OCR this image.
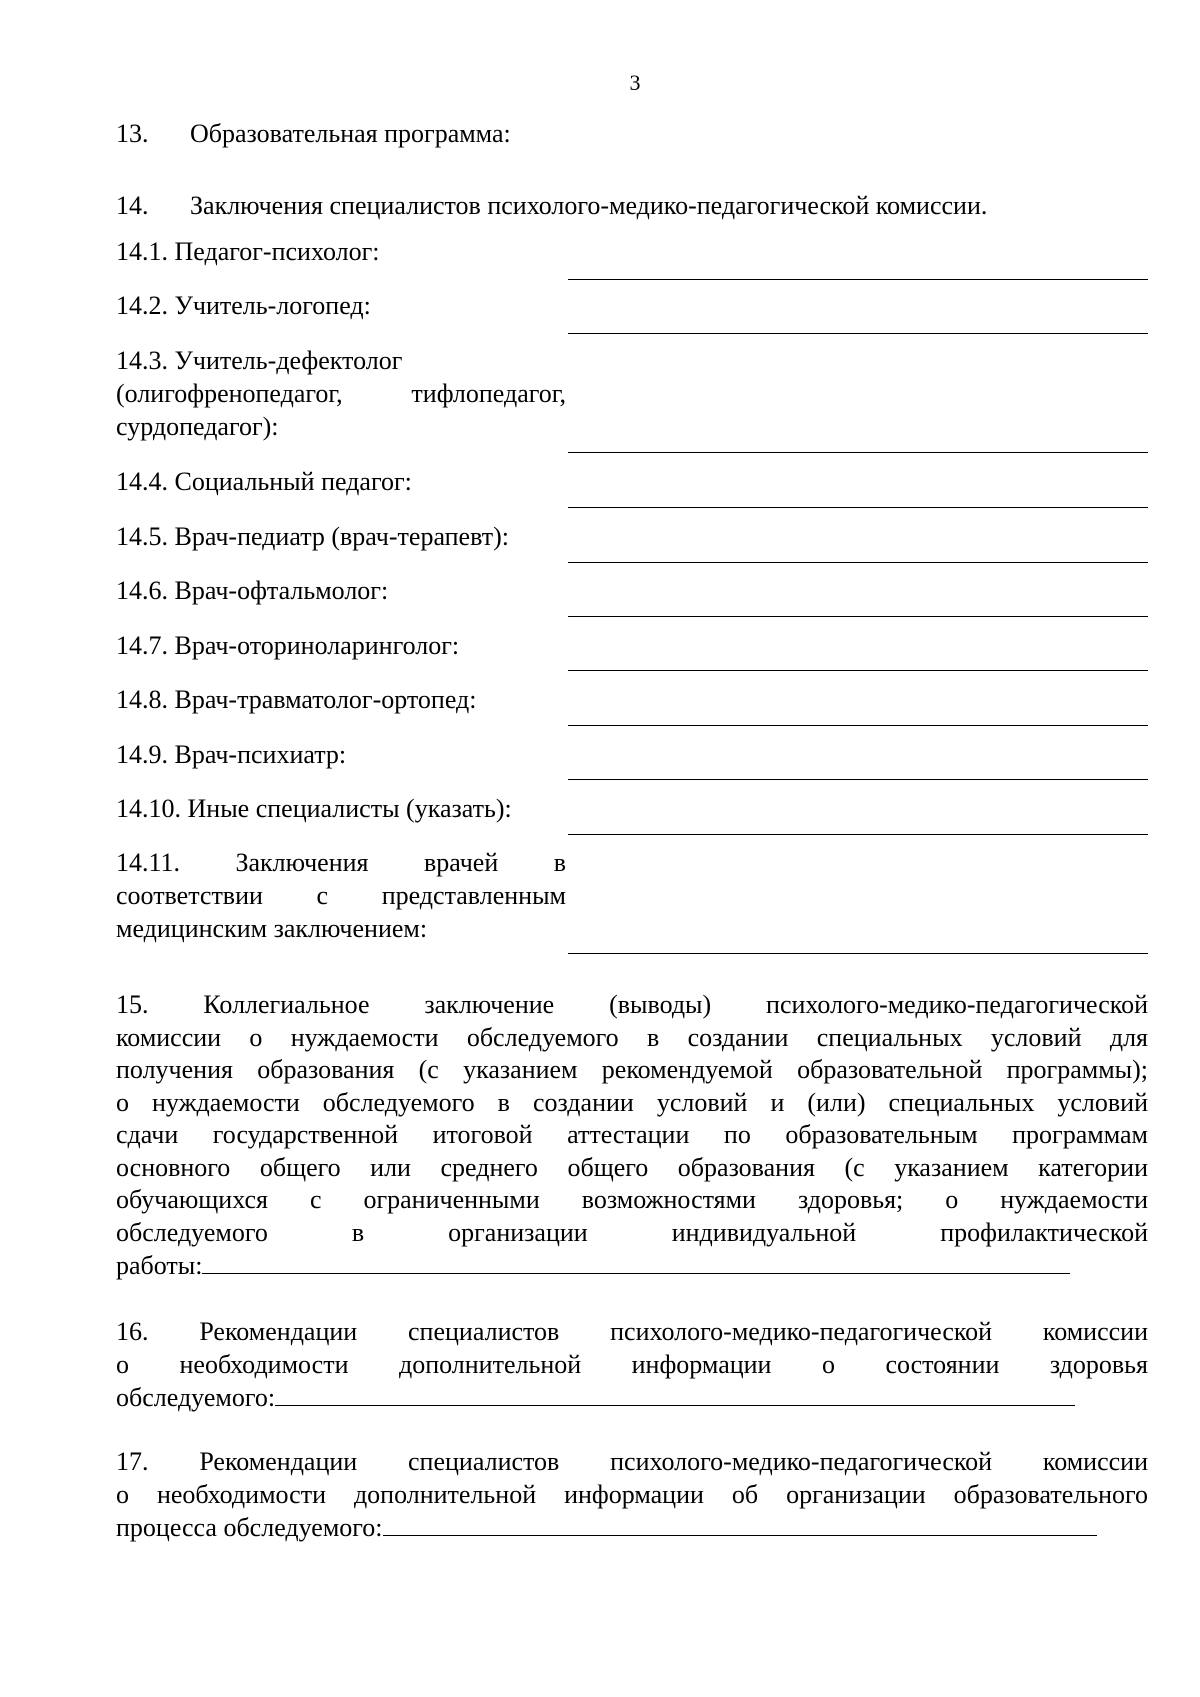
3
13. Образовательная программа:
14. Заключения специалистов психолого-медико-педагогической комиссии.
14.1. Педагог-психолог:
14.2. Учитель-логопед:
14.3. Учитель-дефектолог
(олигофренопедагог, тифлопедагог,
сурдопедагог):
14.4. Социальный педагог:
14.5. Врач-педиатр (врач-терапевт):
14.6. Врач-офтальмолог:
14.7. Врач-оториноларинголог:
14.8. Врач-травматолог-ортопед:
14.9. Врач-психиатр:
14.10. Иные специалисты (указать):
14.11. Заключения врачей в
соответствии с представленным
медицинским заключением:
15. Коллегиальное заключение (выводы) психолого-медико-педагогической
комиссии о нуждаемости обследуемого в создании специальных условий для
получения образования (с указанием рекомендуемой образовательной программы);
о нуждаемости обследуемого в создании условий и (или) специальных условий
сдачи государственной итоговой аттестации по образовательным программам
основного общего или среднего общего образования (с указанием категории
обучающихся с ограниченными возможностями здоровья; о нуждаемости
обследуемого в организации индивидуальной профилактической
работы:
16. Рекомендации специалистов психолого-медико-педагогической комиссии
о необходимости дополнительной информации о состоянии здоровья
обследуемого:
17. Рекомендации специалистов психолого-медико-педагогической комиссии
о необходимости дополнительной информации об организации образовательного
процесса обследуемого:
